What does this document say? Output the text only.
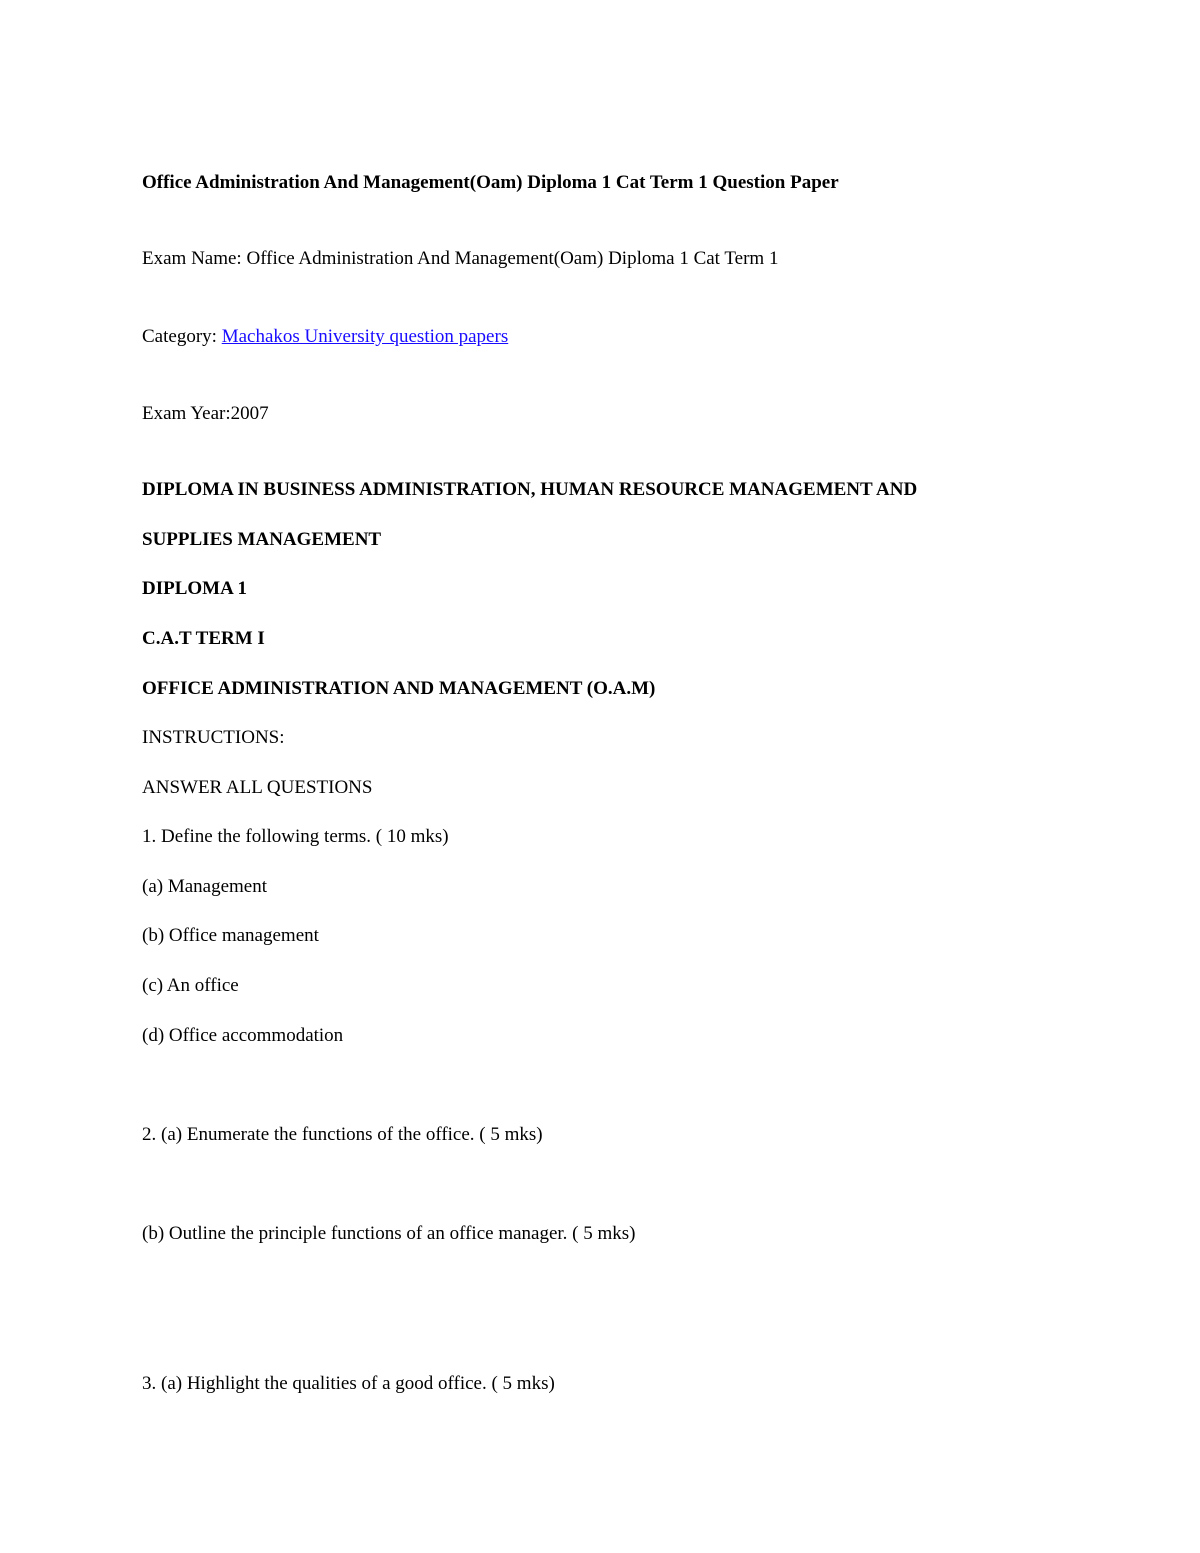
Office Administration And Management(Oam) Diploma 1 Cat Term 1 Question Paper
Exam Name: Office Administration And Management(Oam) Diploma 1 Cat Term 1
Category: Machakos University question papers
Exam Year:2007
DIPLOMA IN BUSINESS ADMINISTRATION, HUMAN RESOURCE MANAGEMENT AND
SUPPLIES MANAGEMENT
DIPLOMA 1
C.A.T TERM I
OFFICE ADMINISTRATION AND MANAGEMENT (O.A.M)
INSTRUCTIONS:
ANSWER ALL QUESTIONS
1. Define the following terms. ( 10 mks)
(a) Management
(b) Office management
(c) An office
(d) Office accommodation
2. (a) Enumerate the functions of the office. ( 5 mks)
(b) Outline the principle functions of an office manager. ( 5 mks)
3. (a) Highlight the qualities of a good office. ( 5 mks)
